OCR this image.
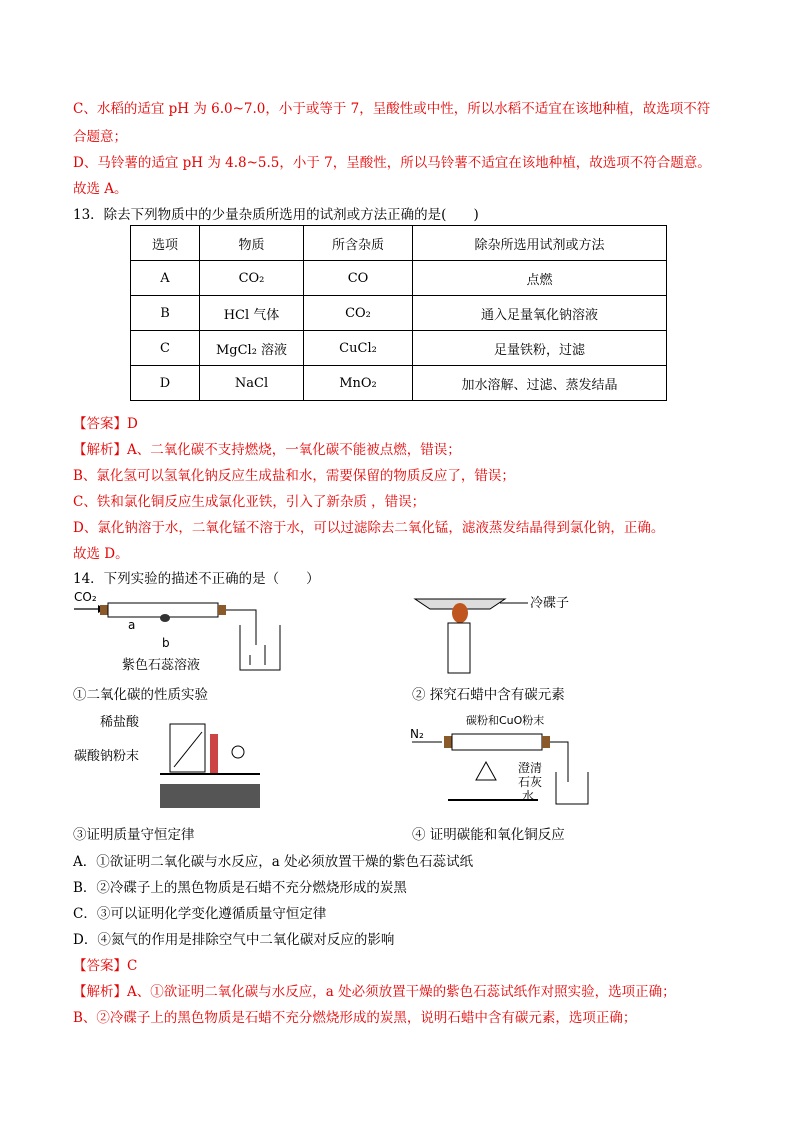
C、水稻的适宜 pH 为 6.0~7.0，小于或等于 7，呈酸性或中性，所以水稻不适宜在该地种植，故选项不符
合题意；
D、马铃薯的适宜 pH 为 4.8~5.5，小于 7，呈酸性，所以马铃薯不适宜在该地种植，故选项不符合题意。
故选 A。
13．除去下列物质中的少量杂质所选用的试剂或方法正确的是(　　)
选项	物质	所含杂质	除杂所选用试剂或方法
A	CO₂	CO	点燃
B	HCl 气体	CO₂	通入足量氧化钠溶液
C	MgCl₂ 溶液	CuCl₂	足量铁粉，过滤
D	NaCl	MnO₂	加水溶解、过滤、蒸发结晶
【答案】D
【解析】A、二氧化碳不支持燃烧，一氧化碳不能被点燃，错误；
B、氯化氢可以氢氧化钠反应生成盐和水，需要保留的物质反应了，错误；
C、铁和氯化铜反应生成氯化亚铁，引入了新杂质 ，错误；
D、氯化钠溶于水，二氧化锰不溶于水，可以过滤除去二氧化锰，滤液蒸发结晶得到氯化钠，正确。
故选 D。
14．下列实验的描述不正确的是（　　）
CO₂
a
b
紫色石蕊溶液
①二氧化碳的性质实验
冷碟子
② 探究石蜡中含有碳元素
稀盐酸
碳酸钠粉末
③证明质量守恒定律
N₂
碳粉和CuO粉末
澄清
石灰
水
④ 证明碳能和氧化铜反应
A．①欲证明二氧化碳与水反应，a 处必须放置干燥的紫色石蕊试纸
B．②冷碟子上的黑色物质是石蜡不充分燃烧形成的炭黑
C．③可以证明化学变化遵循质量守恒定律
D．④氮气的作用是排除空气中二氧化碳对反应的影响
【答案】C
【解析】A、①欲证明二氧化碳与水反应，a 处必须放置干燥的紫色石蕊试纸作对照实验，选项正确；
B、②冷碟子上的黑色物质是石蜡不充分燃烧形成的炭黑，说明石蜡中含有碳元素，选项正确；
